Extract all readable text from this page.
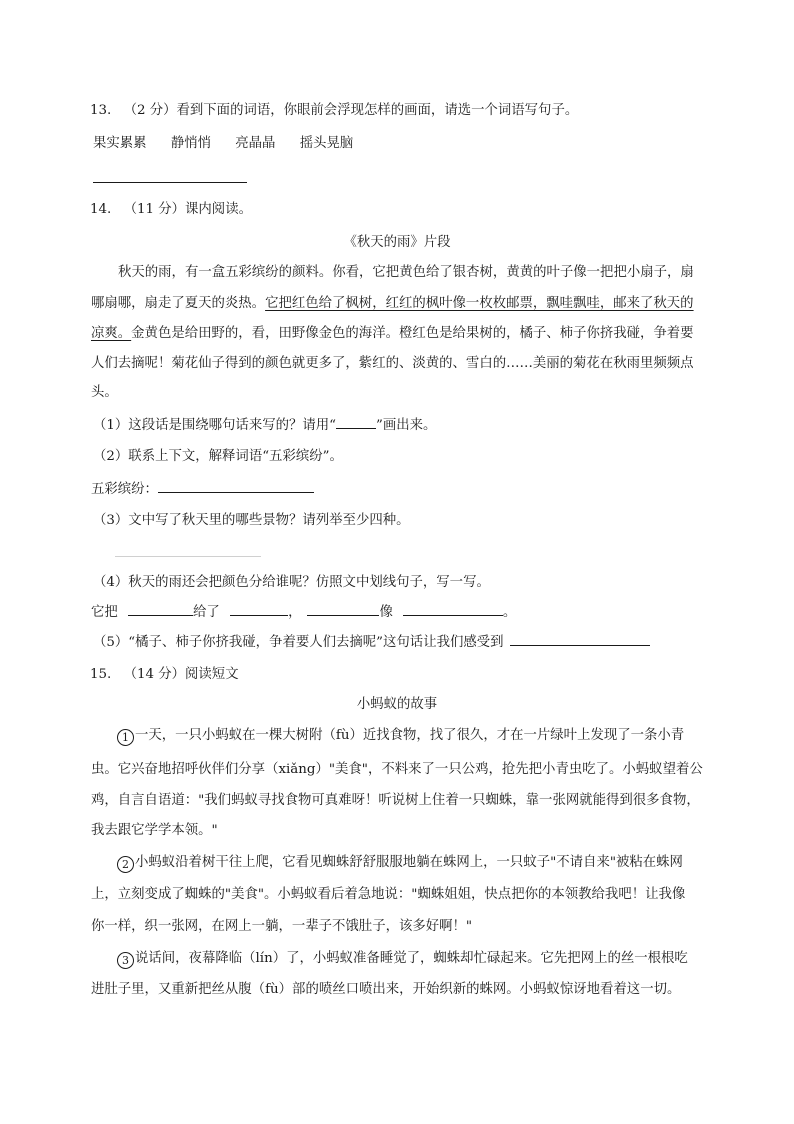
13. （2 分）看到下面的词语，你眼前会浮现怎样的画面，请选一个词语写句子。
果实累累 静悄悄 亮晶晶 摇头晃脑
14. （11 分）课内阅读。
《秋天的雨》片段
秋天的雨，有一盒五彩缤纷的颜料。你看，它把黄色给了银杏树，黄黄的叶子像一把把小扇子，扇
哪扇哪，扇走了夏天的炎热。它把红色给了枫树，红红的枫叶像一枚枚邮票，飘哇飘哇，邮来了秋天的
凉爽。金黄色是给田野的，看，田野像金色的海洋。橙红色是给果树的，橘子、柿子你挤我碰，争着要
人们去摘呢！菊花仙子得到的颜色就更多了，紫红的、淡黄的、雪白的……美丽的菊花在秋雨里频频点
头。
（1）这段话是围绕哪句话来写的？请用“	”画出来。
（2）联系上下文，解释词语“五彩缤纷”。
五彩缤纷：
（3）文中写了秋天里的哪些景物？请列举至少四种。
（4）秋天的雨还会把颜色分给谁呢？仿照文中划线句子，写一写。
它把	给了	，	像	。
（5）“橘子、柿子你挤我碰，争着要人们去摘呢”这句话让我们感受到
15. （14 分）阅读短文
小蚂蚁的故事
1 一天，一只小蚂蚁在一棵大树附（fù）近找食物，找了很久，才在一片绿叶上发现了一条小青
虫。它兴奋地招呼伙伴们分享（xiǎng）"美食"，不料来了一只公鸡，抢先把小青虫吃了。小蚂蚁望着公
鸡，自言自语道："我们蚂蚁寻找食物可真难呀！听说树上住着一只蜘蛛，靠一张网就能得到很多食物，
我去跟它学学本领。"
2 小蚂蚁沿着树干往上爬，它看见蜘蛛舒舒服服地躺在蛛网上，一只蚊子"不请自来"被粘在蛛网
上，立刻变成了蜘蛛的"美食"。小蚂蚁看后着急地说："蜘蛛姐姐，快点把你的本领教给我吧！让我像
你一样，织一张网，在网上一躺，一辈子不饿肚子，该多好啊！"
3 说话间，夜幕降临（lín）了，小蚂蚁准备睡觉了，蜘蛛却忙碌起来。它先把网上的丝一根根吃
进肚子里，又重新把丝从腹（fù）部的喷丝口喷出来，开始织新的蛛网。小蚂蚁惊讶地看着这一切。
